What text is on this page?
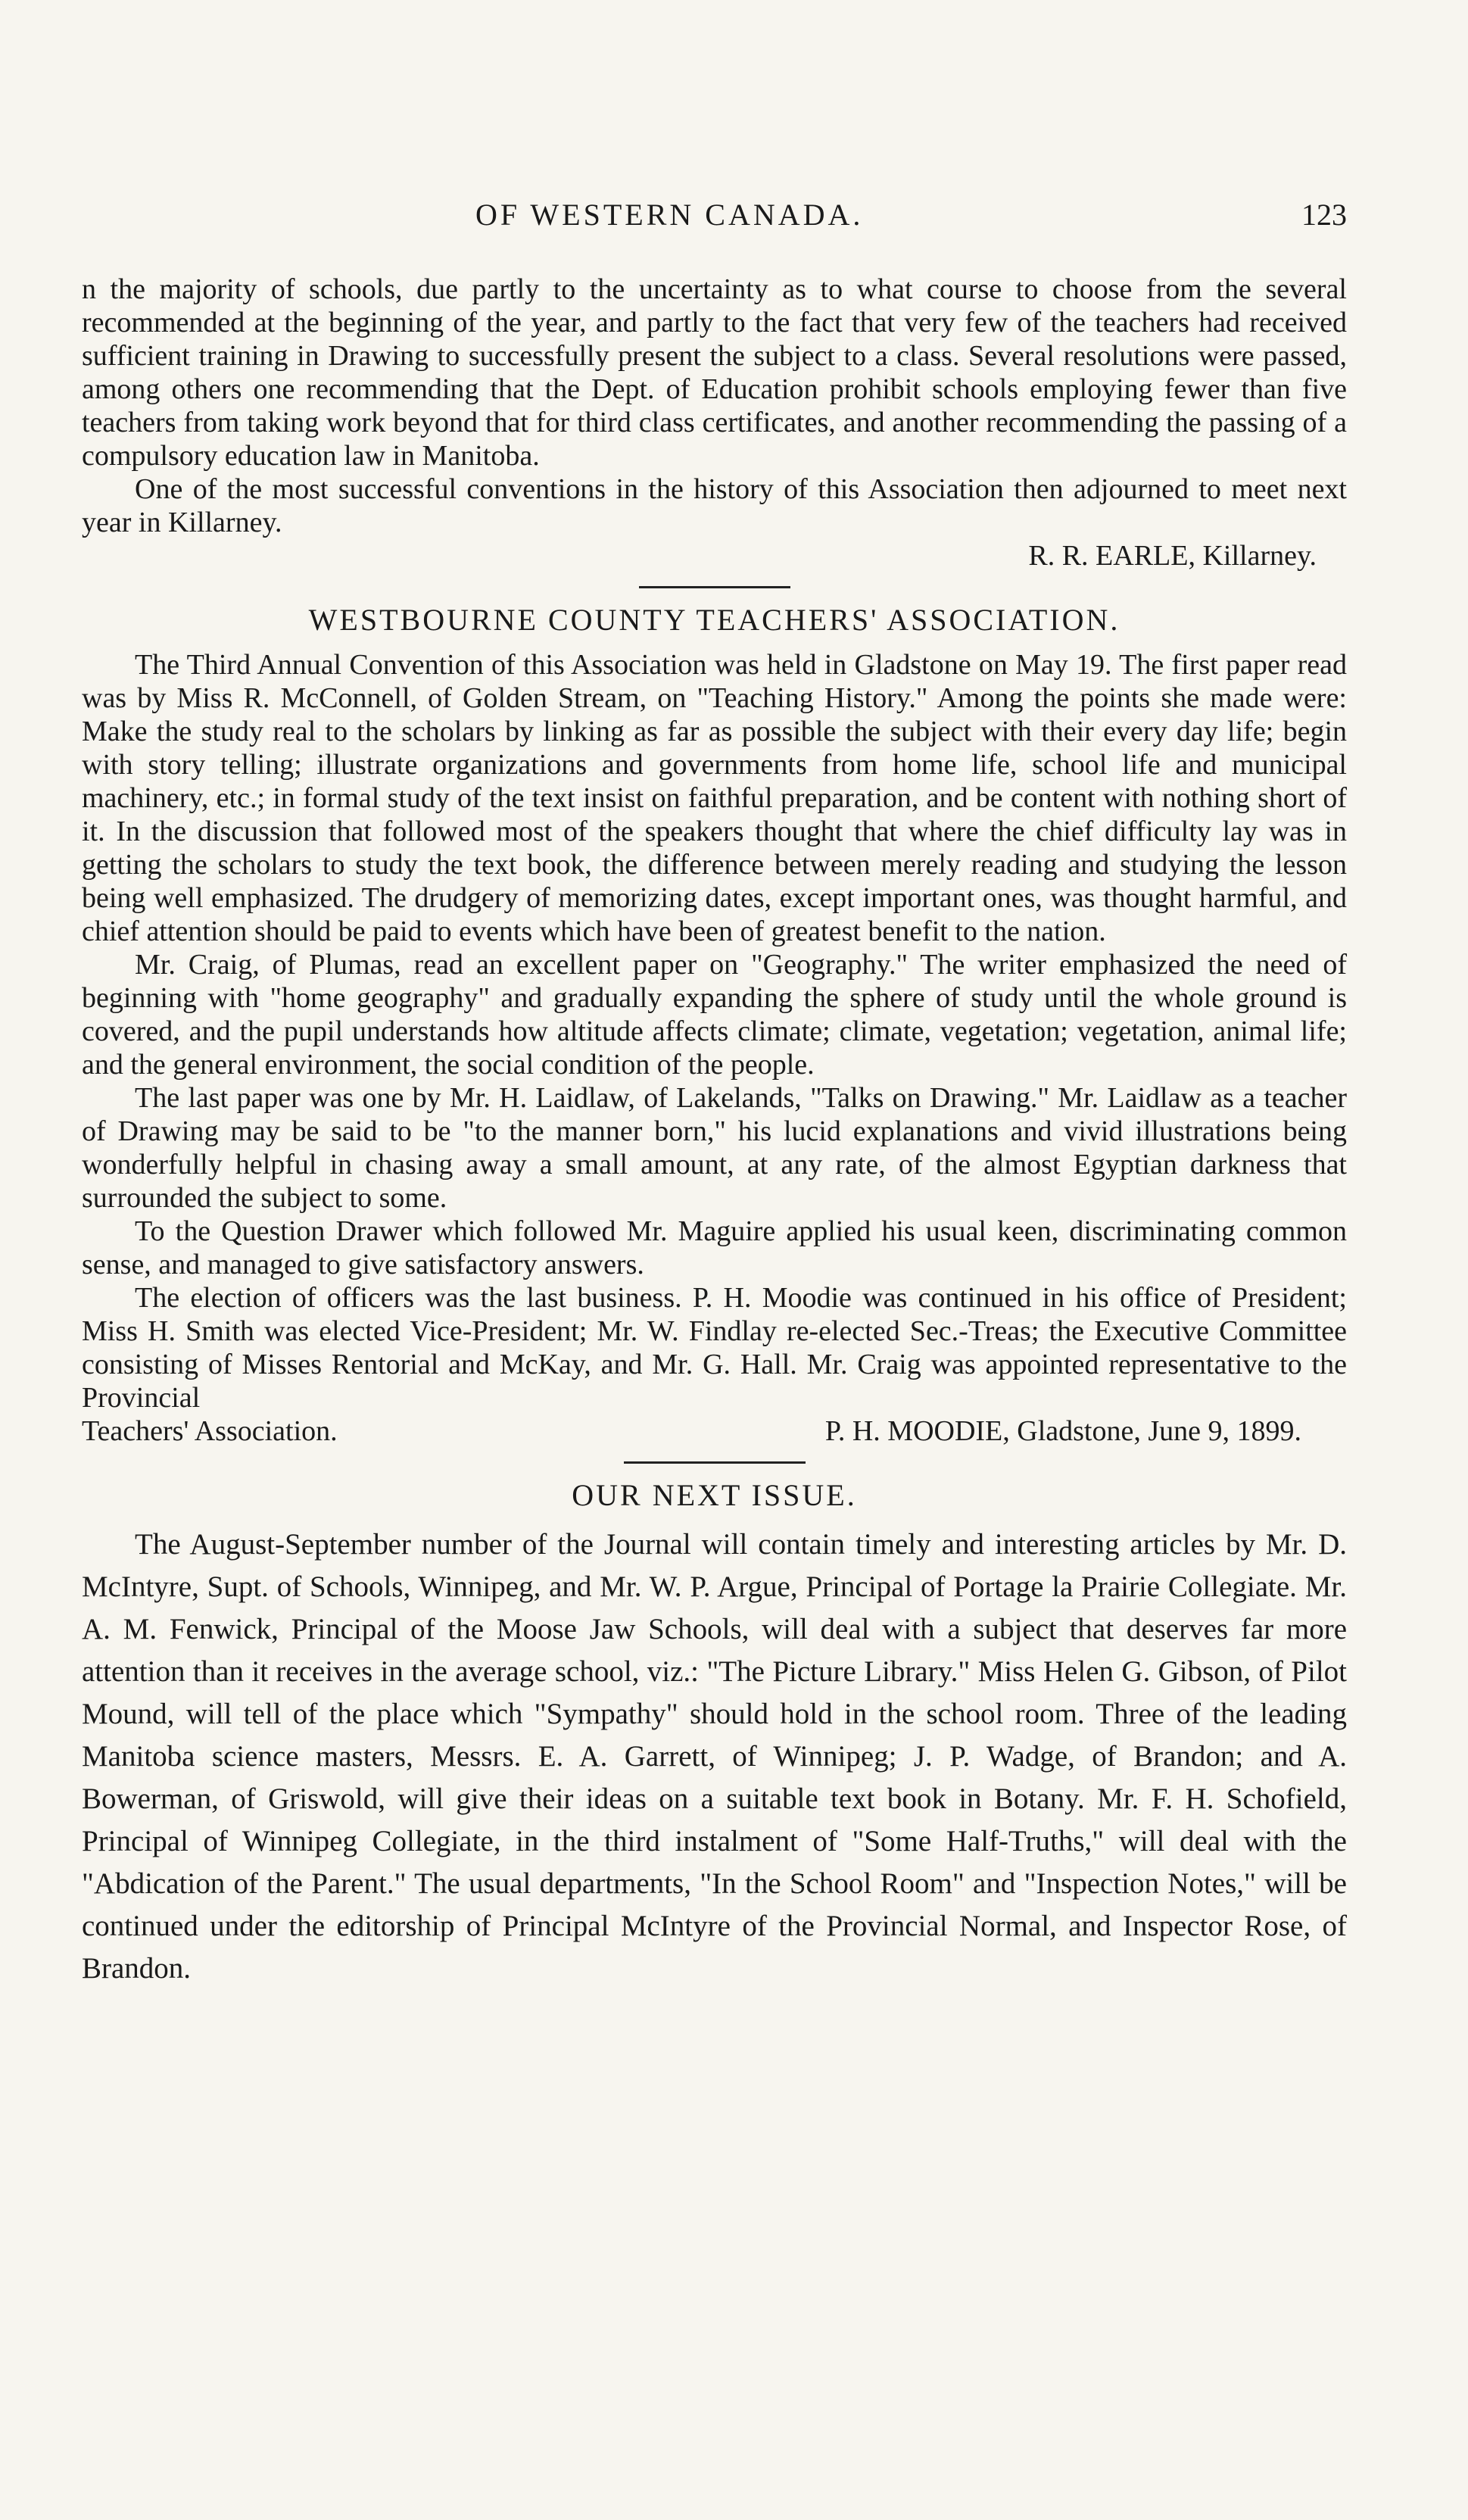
OF WESTERN CANADA.	123

n the majority of schools, due partly to the uncertainty as to what course to choose from the several recommended at the beginning of the year, and partly to the fact that very few of the teachers had received sufficient training in Drawing to successfully present the subject to a class. Several resolutions were passed, among others one recommending that the Dept. of Education prohibit schools employing fewer than five teachers from taking work beyond that for third class certificates, and another recommending the passing of a compulsory education law in Manitoba.

One of the most successful conventions in the history of this Association then adjourned to meet next year in Killarney.

R. R. EARLE, Killarney.
WESTBOURNE COUNTY TEACHERS' ASSOCIATION.

The Third Annual Convention of this Association was held in Gladstone on May 19. The first paper read was by Miss R. McConnell, of Golden Stream, on "Teaching History." Among the points she made were: Make the study real to the scholars by linking as far as possible the subject with their every day life; begin with story telling; illustrate organizations and governments from home life, school life and municipal machinery, etc.; in formal study of the text insist on faithful preparation, and be content with nothing short of it. In the discussion that followed most of the speakers thought that where the chief difficulty lay was in getting the scholars to study the text book, the difference between merely reading and studying the lesson being well emphasized. The drudgery of memorizing dates, except important ones, was thought harmful, and chief attention should be paid to events which have been of greatest benefit to the nation.

Mr. Craig, of Plumas, read an excellent paper on "Geography." The writer emphasized the need of beginning with "home geography" and gradually expanding the sphere of study until the whole ground is covered, and the pupil understands how altitude affects climate; climate, vegetation; vegetation, animal life; and the general environment, the social condition of the people.

The last paper was one by Mr. H. Laidlaw, of Lakelands, "Talks on Drawing." Mr. Laidlaw as a teacher of Drawing may be said to be "to the manner born," his lucid explanations and vivid illustrations being wonderfully helpful in chasing away a small amount, at any rate, of the almost Egyptian darkness that surrounded the subject to some.

To the Question Drawer which followed Mr. Maguire applied his usual keen, discriminating common sense, and managed to give satisfactory answers.

The election of officers was the last business. P. H. Moodie was continued in his office of President; Miss H. Smith was elected Vice-President; Mr. W. Findlay re-elected Sec.-Treas; the Executive Committee consisting of Misses Rentorial and McKay, and Mr. G. Hall. Mr. Craig was appointed representative to the Provincial

Teachers' Association.	P. H. MOODIE, Gladstone, June 9, 1899.
OUR NEXT ISSUE.

The August-September number of the Journal will contain timely and interesting articles by Mr. D. McIntyre, Supt. of Schools, Winnipeg, and Mr. W. P. Argue, Principal of Portage la Prairie Collegiate. Mr. A. M. Fenwick, Principal of the Moose Jaw Schools, will deal with a subject that deserves far more attention than it receives in the average school, viz.: "The Picture Library." Miss Helen G. Gibson, of Pilot Mound, will tell of the place which "Sympathy" should hold in the school room. Three of the leading Manitoba science masters, Messrs. E. A. Garrett, of Winnipeg; J. P. Wadge, of Brandon; and A. Bowerman, of Griswold, will give their ideas on a suitable text book in Botany. Mr. F. H. Schofield, Principal of Winnipeg Collegiate, in the third instalment of "Some Half-Truths," will deal with the "Abdication of the Parent." The usual departments, "In the School Room" and "Inspection Notes," will be continued under the editorship of Principal McIntyre of the Provincial Normal, and Inspector Rose, of Brandon.
